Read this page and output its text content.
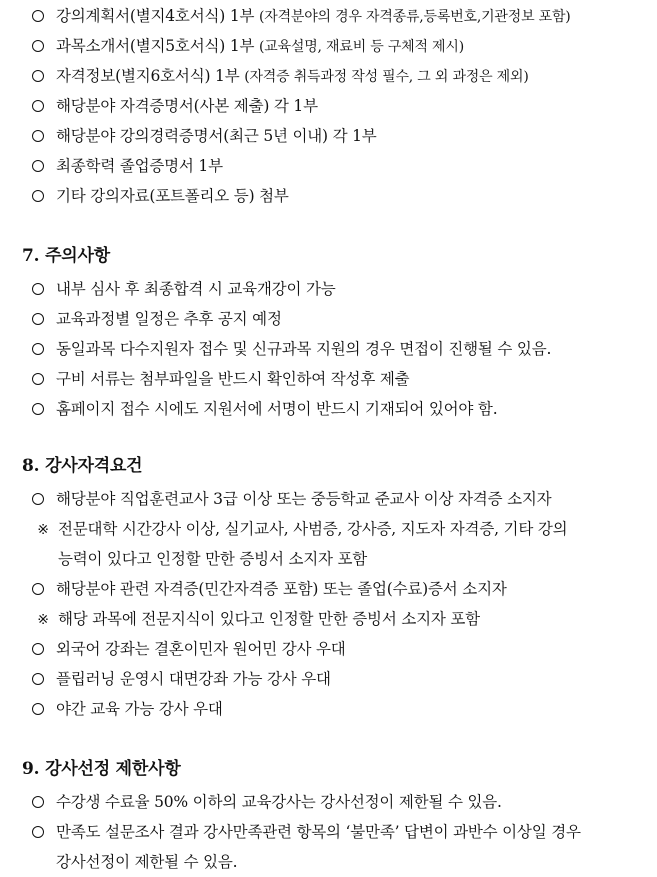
강의계획서(별지4호서식) 1부 (자격분야의 경우 자격종류,등록번호,기관정보 포함)
과목소개서(별지5호서식) 1부 (교육설명, 재료비 등 구체적 제시)
자격정보(별지6호서식) 1부 (자격증 취득과정 작성 필수, 그 외 과정은 제외)
해당분야 자격증명서(사본 제출) 각 1부
해당분야 강의경력증명서(최근 5년 이내) 각 1부
최종학력 졸업증명서 1부
기타 강의자료(포트폴리오 등) 첨부
7. 주의사항
내부 심사 후 최종합격 시 교육개강이 가능
교육과정별 일정은 추후 공지 예정
동일과목 다수지원자 접수 및 신규과목 지원의 경우 면접이 진행될 수 있음.
구비 서류는 첨부파일을 반드시 확인하여 작성후 제출
홈페이지 접수 시에도 지원서에 서명이 반드시 기재되어 있어야 함.
8. 강사자격요건
해당분야 직업훈련교사 3급 이상 또는 중등학교 준교사 이상 자격증 소지자
※ 전문대학 시간강사 이상, 실기교사, 사범증, 강사증, 지도자 자격증, 기타 강의
능력이 있다고 인정할 만한 증빙서 소지자 포함
해당분야 관련 자격증(민간자격증 포함) 또는 졸업(수료)증서 소지자
※ 해당 과목에 전문지식이 있다고 인정할 만한 증빙서 소지자 포함
외국어 강좌는 결혼이민자 원어민 강사 우대
플립러닝 운영시 대면강좌 가능 강사 우대
야간 교육 가능 강사 우대
9. 강사선정 제한사항
수강생 수료율 50% 이하의 교육강사는 강사선정이 제한될 수 있음.
만족도 설문조사 결과 강사만족관련 항목의 ‘불만족’ 답변이 과반수 이상일 경우
강사선정이 제한될 수 있음.
